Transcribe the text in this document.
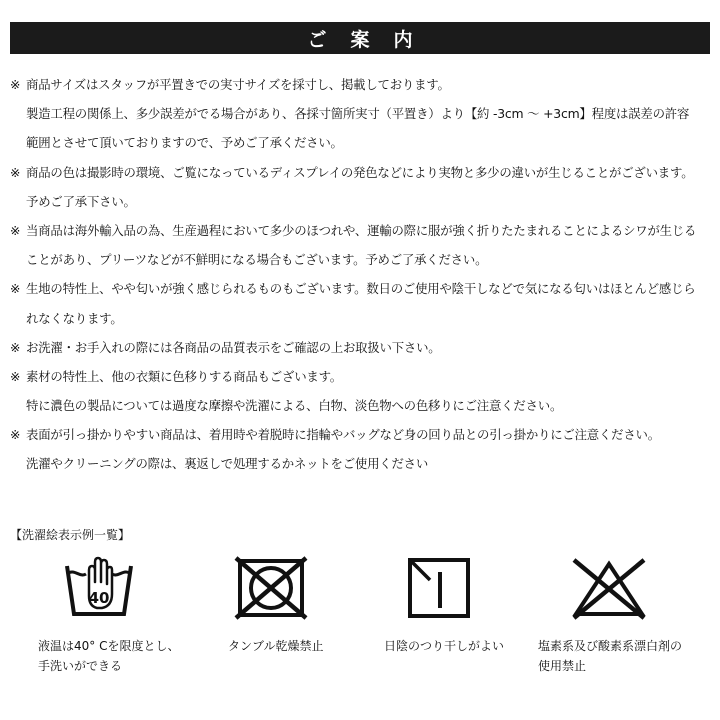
ご案内
※ 商品サイズはスタッフが平置きでの実寸サイズを採寸し、掲載しております。
製造工程の関係上、多少誤差がでる場合があり、各採寸箇所実寸（平置き）より【約 -3cm ～ +3cm】程度は誤差の許容
範囲とさせて頂いておりますので、予めご了承ください。
※ 商品の色は撮影時の環境、ご覧になっているディスプレイの発色などにより実物と多少の違いが生じることがございます。
予めご了承下さい。
※ 当商品は海外輸入品の為、生産過程において多少のほつれや、運輸の際に服が強く折りたたまれることによるシワが生じる
ことがあり、プリーツなどが不鮮明になる場合もございます。予めご了承ください。
※ 生地の特性上、やや匂いが強く感じられるものもございます。数日のご使用や陰干しなどで気になる匂いはほとんど感じら
れなくなります。
※ お洗濯・お手入れの際には各商品の品質表示をご確認の上お取扱い下さい。
※ 素材の特性上、他の衣類に色移りする商品もございます。
特に濃色の製品については過度な摩擦や洗濯による、白物、淡色物への色移りにご注意ください。
※ 表面が引っ掛かりやすい商品は、着用時や着脱時に指輪やバッグなど身の回り品との引っ掛かりにご注意ください。
洗濯やクリーニングの際は、裏返しで処理するかネットをご使用ください
【洗濯絵表示例一覧】
40
液温は40° Cを限度とし、
手洗いができる
タンブル乾燥禁止	日陰のつり干しがよい	塩素系及び酸素系漂白剤の
使用禁止
